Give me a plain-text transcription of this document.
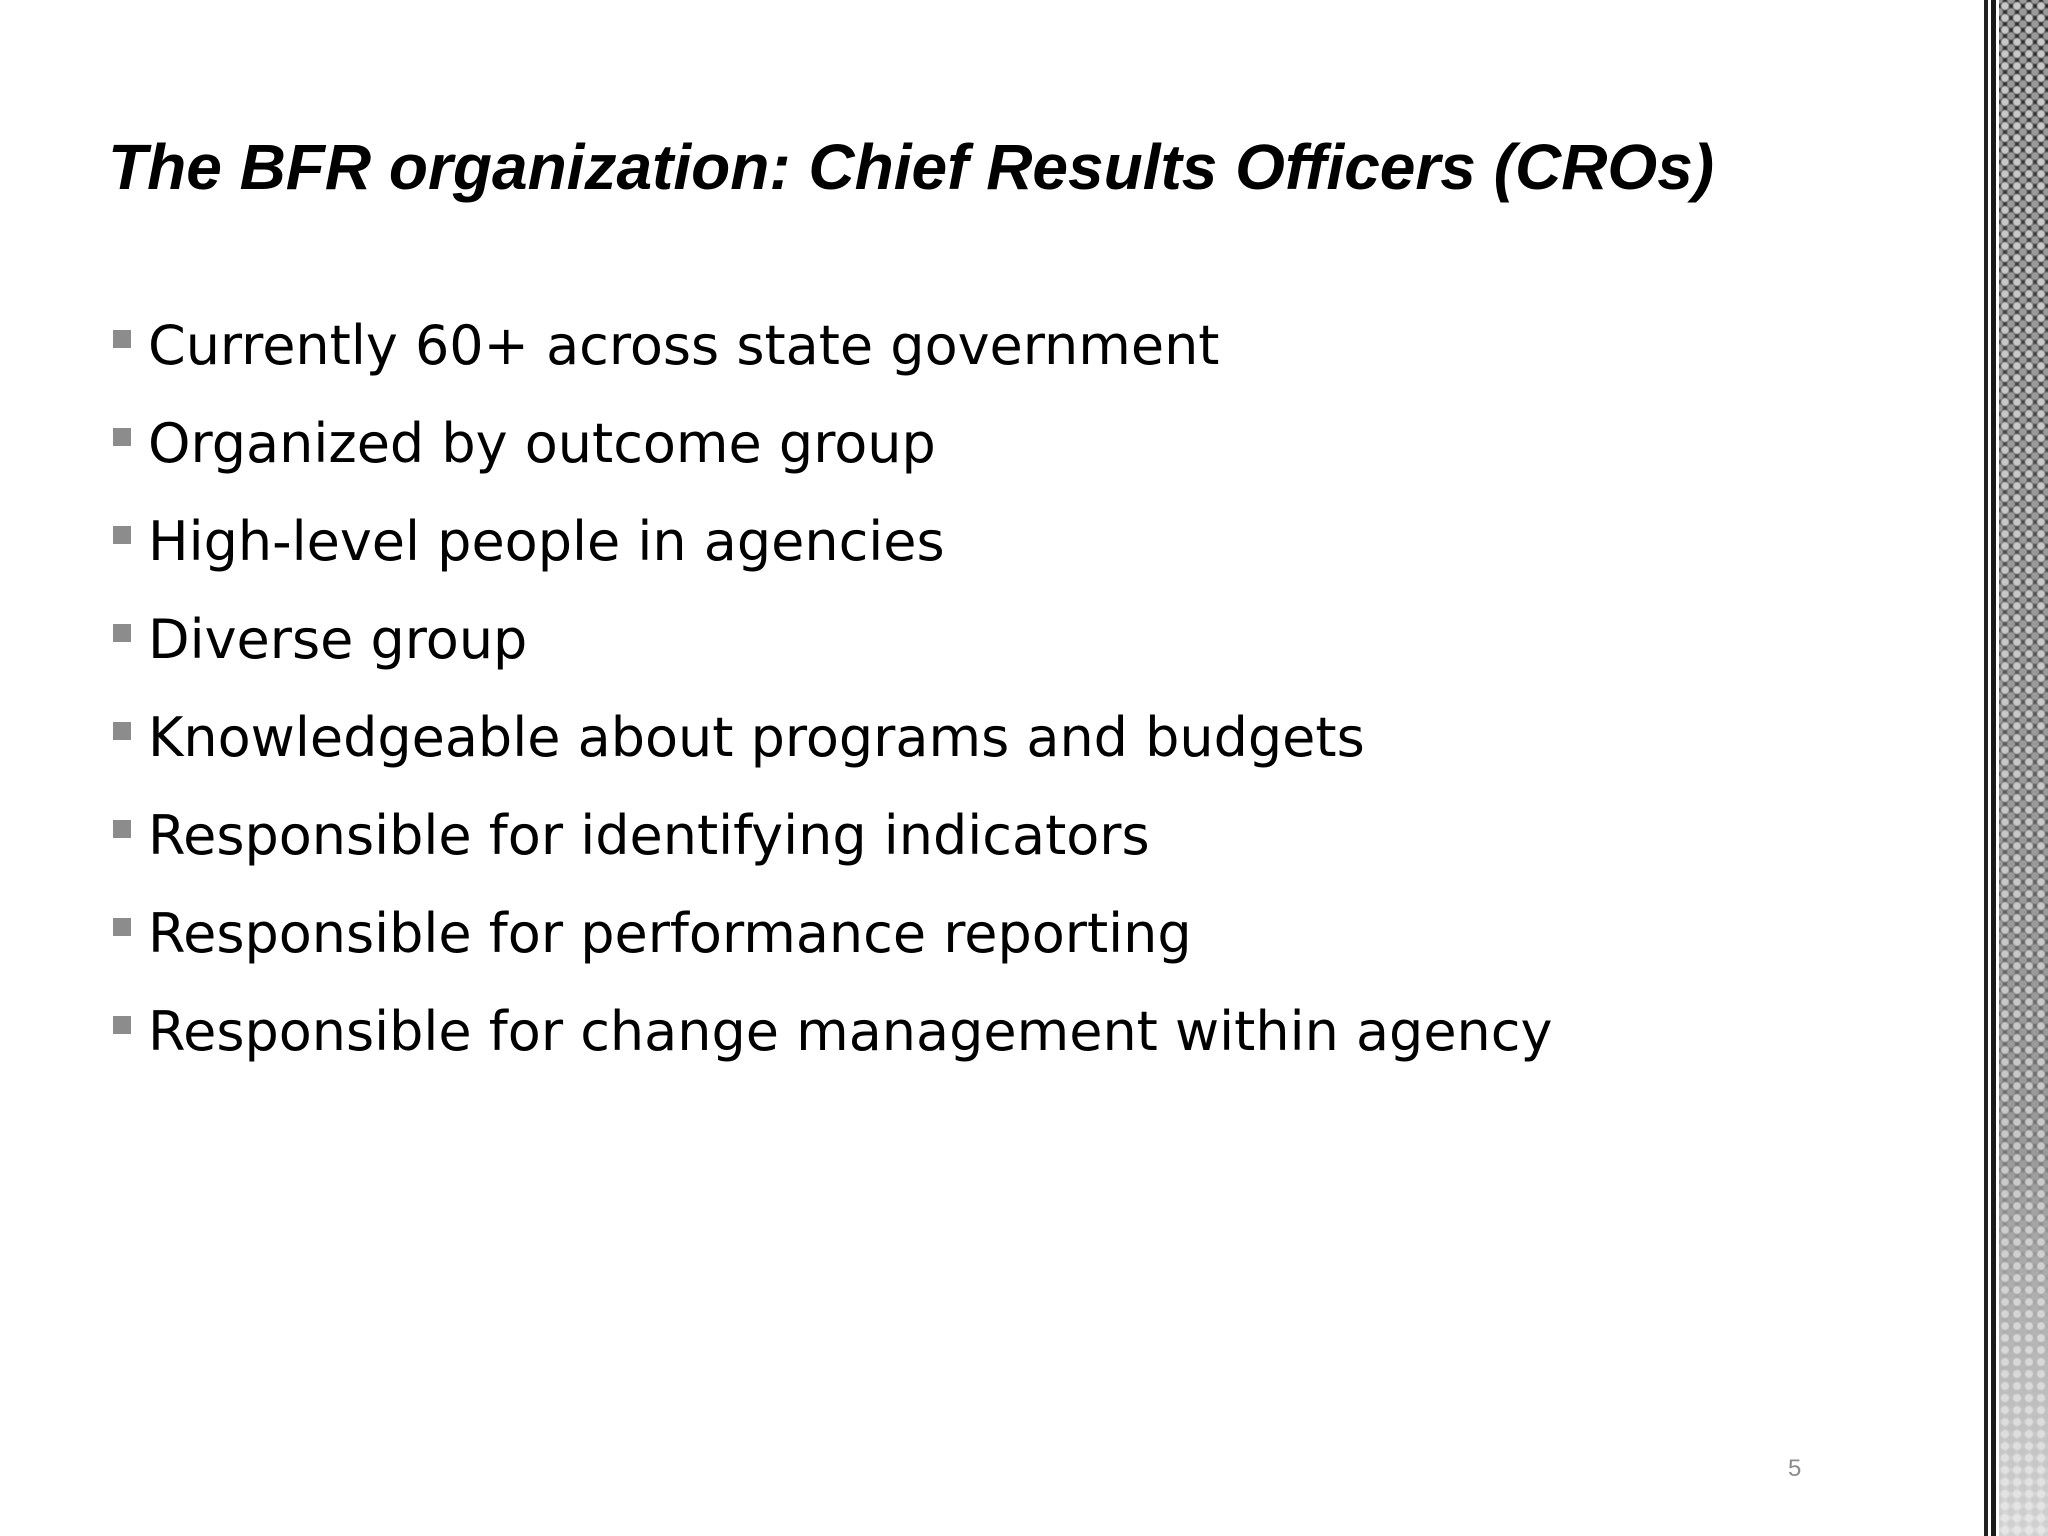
The BFR organization: Chief Results Officers (CROs)
Currently 60+ across state government
Organized by outcome group
High-level people in agencies
Diverse group
Knowledgeable about programs and budgets
Responsible for identifying indicators
Responsible for performance reporting
Responsible for change management within agency
5
